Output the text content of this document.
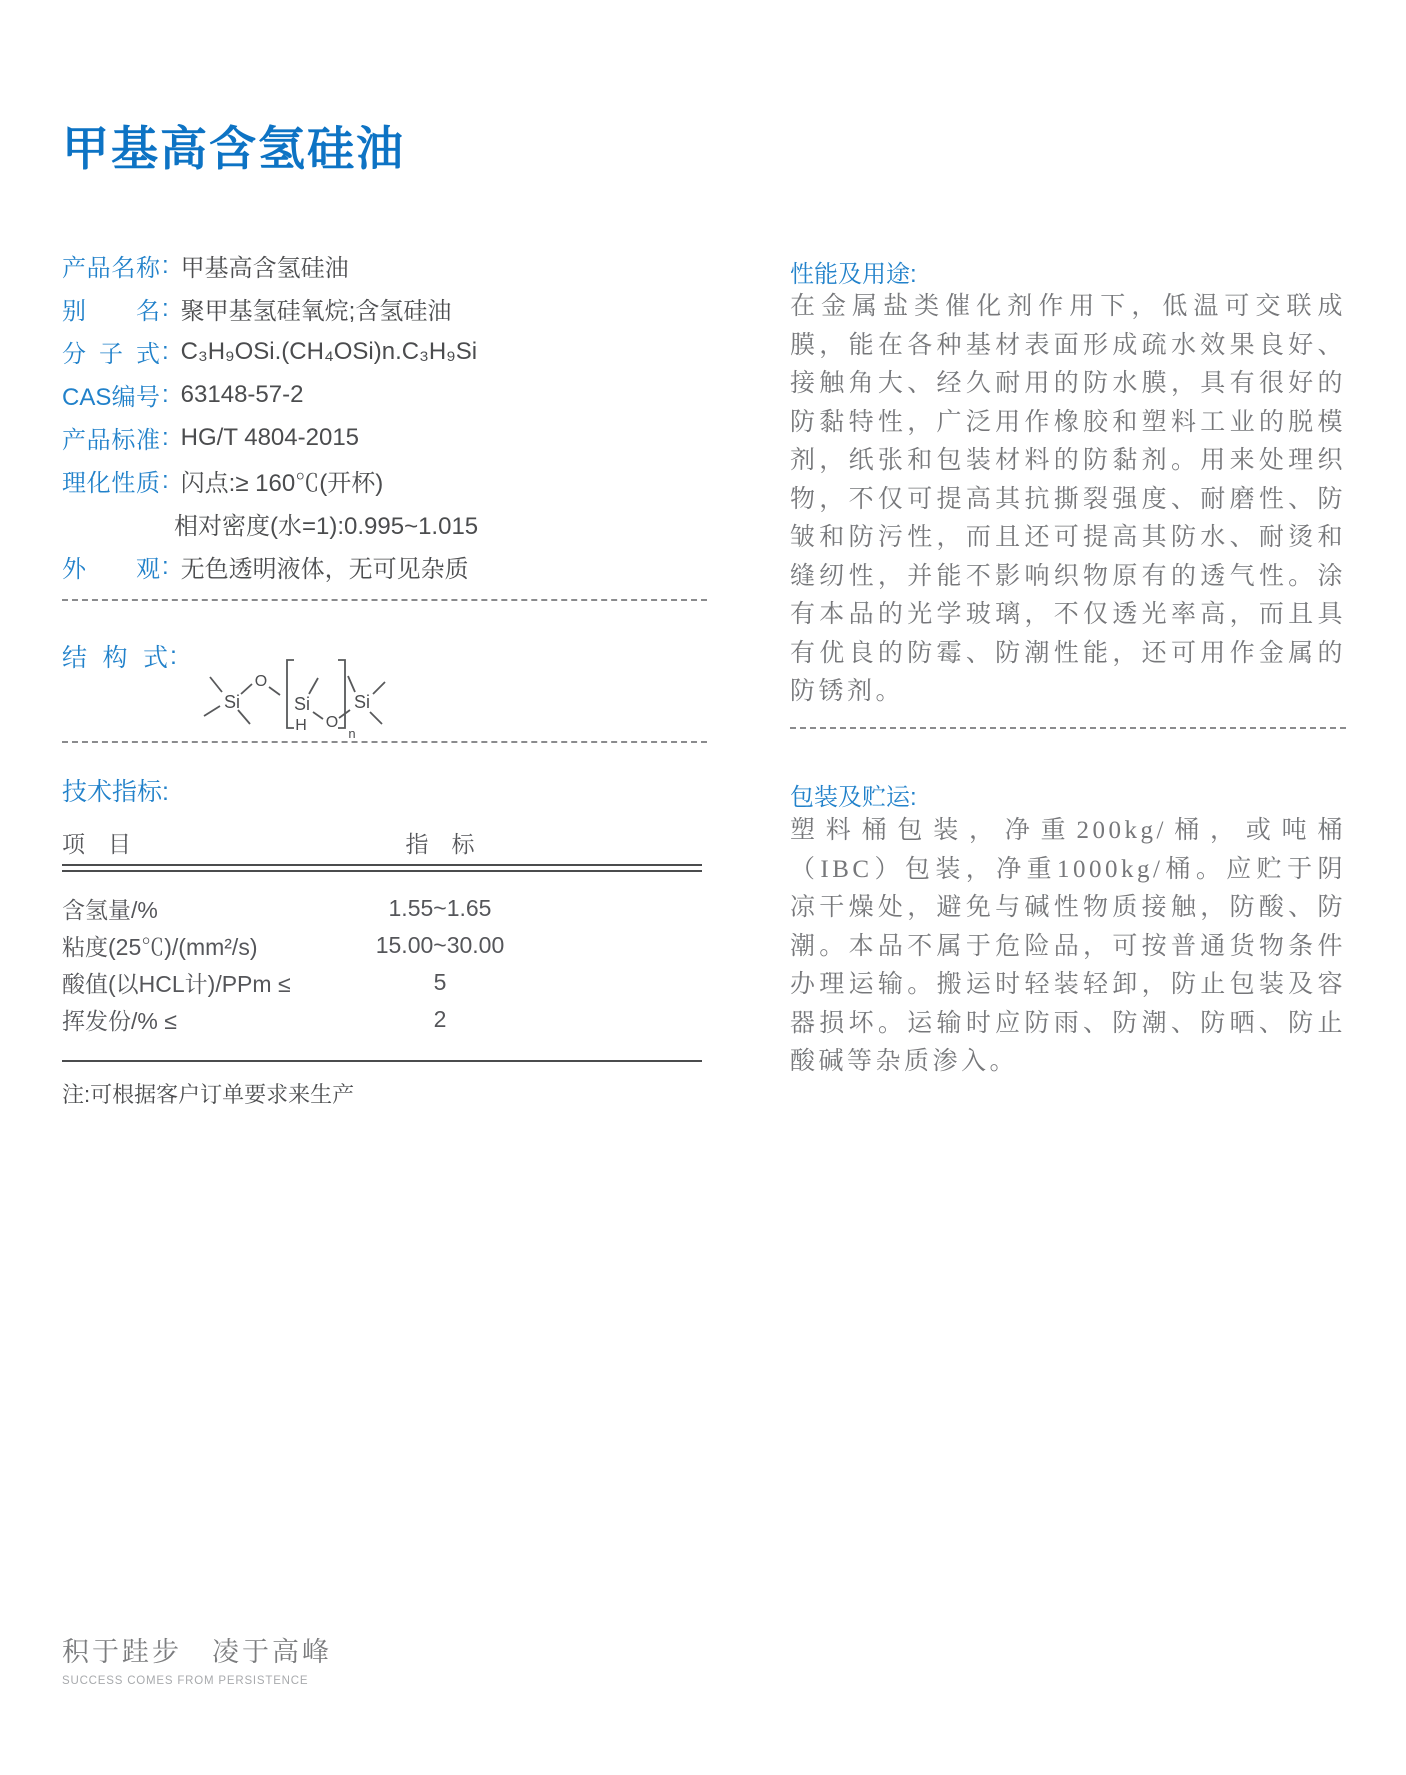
甲基高含氢硅油
产品名称 : 甲基高含氢硅油
别名 : 聚甲基氢硅氧烷;含氢硅油
分子式 : C₃H₉OSi.(CH₄OSi)n.C₃H₉Si
CAS编号 : 63148-57-2
产品标准 : HG/T 4804-2015
理化性质 : 闪点:≥ 160℃(开杯)
相对密度(水=1):0.995~1.015
外观 : 无色透明液体，无可见杂质
结构式 :
Si
O
Si
H O
n
Si
技术指标:
项　目	指　标
含氢量/%	1.55~1.65
粘度(25℃)/(mm²/s)	15.00~30.00
酸值(以HCL计)/PPm ≤	5
挥发份/% ≤	2
注:可根据客户订单要求来生产
性能及用途:
在金属盐类催化剂作用下，低温可交联成膜，能在各种基材表面形成疏水效果良好、接触角大、经久耐用的防水膜，具有很好的防黏特性，广泛用作橡胶和塑料工业的脱模剂，纸张和包装材料的防黏剂。用来处理织物，不仅可提高其抗撕裂强度、耐磨性、防皱和防污性，而且还可提高其防水、耐烫和缝纫性，并能不影响织物原有的透气性。涂有本品的光学玻璃，不仅透光率高，而且具有优良的防霉、防潮性能，还可用作金属的防锈剂。
包装及贮运:
塑料桶包装，净重200kg/桶，或吨桶（IBC）包装，净重1000kg/桶。应贮于阴凉干燥处，避免与碱性物质接触，防酸、防潮。本品不属于危险品，可按普通货物条件办理运输。搬运时轻装轻卸，防止包装及容器损坏。运输时应防雨、防潮、防晒、防止酸碱等杂质渗入。
积于跬步　凌于高峰
SUCCESS COMES FROM PERSISTENCE
